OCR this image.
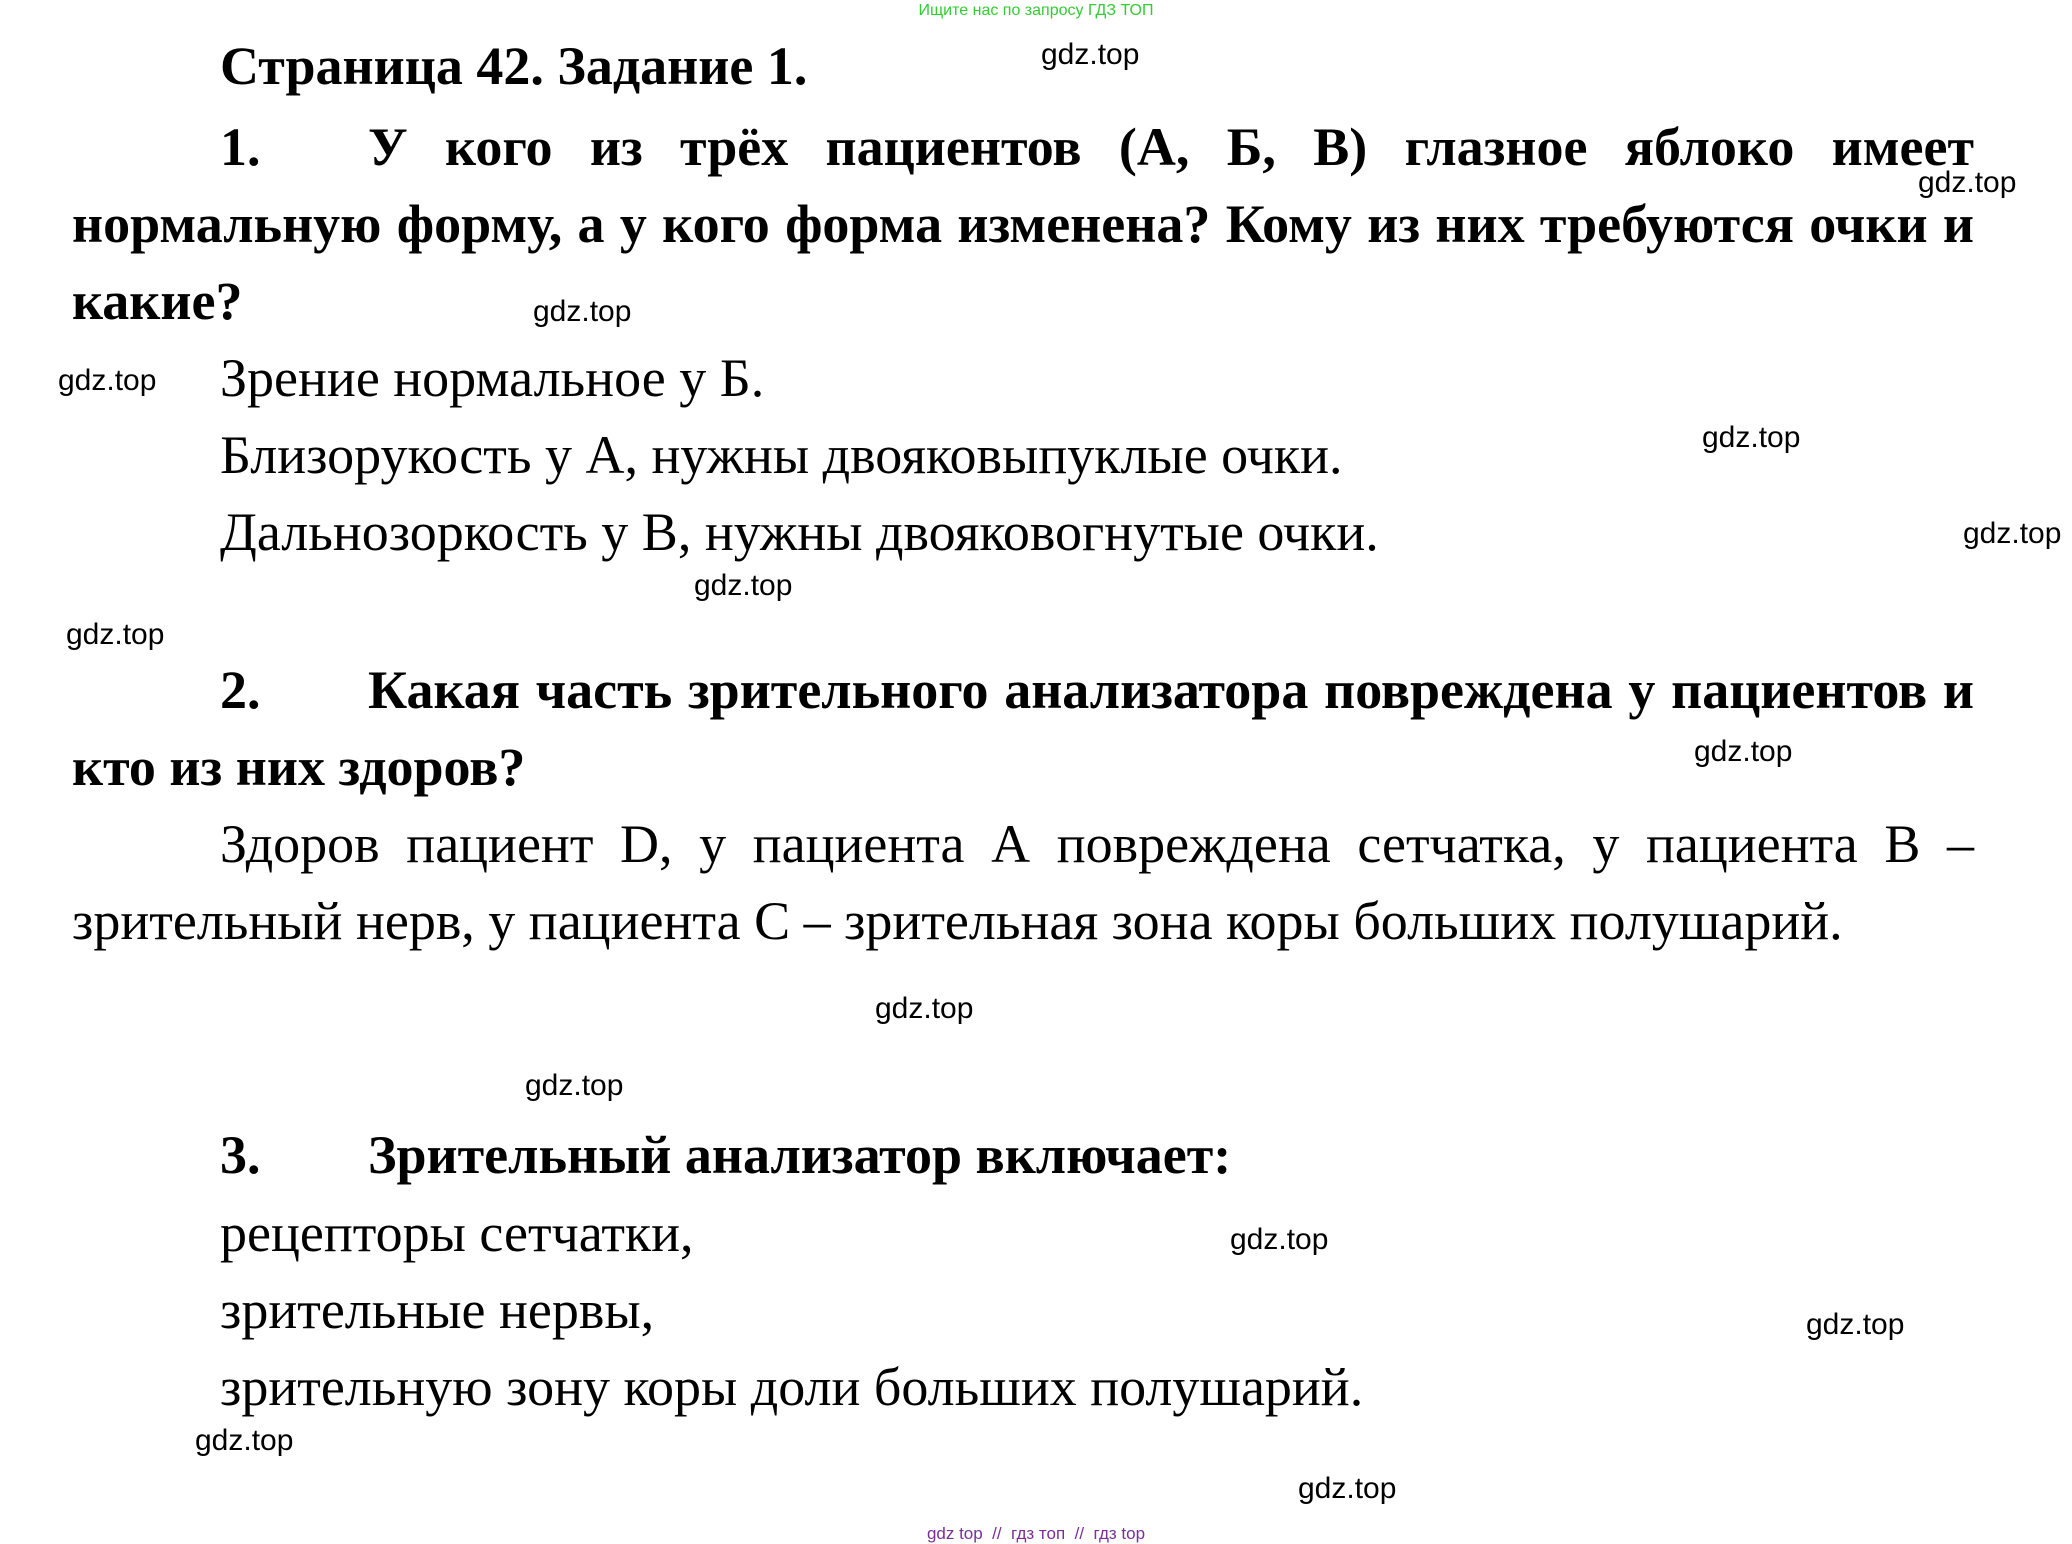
Ищите нас по запросу ГДЗ ТОП
Страница 42. Задание 1.
1. У кого из трёх пациентов (А, Б, В) глазное яблоко имеет нормальную форму, а у кого форма изменена? Кому из них требуются очки и какие?
Зрение нормальное у Б.
Близорукость у А, нужны двояковыпуклые очки.
Дальнозоркость у В, нужны двояковогнутые очки.
2. Какая часть зрительного анализатора повреждена у пациентов и кто из них здоров?
Здоров пациент D, у пациента А повреждена сетчатка, у пациента В – зрительный нерв, у пациента С – зрительная зона коры больших полушарий.
3. Зрительный анализатор включает:
рецепторы сетчатки,
зрительные нервы,
зрительную зону коры доли больших полушарий.
gdz.top
gdz.top
gdz.top
gdz.top
gdz.top
gdz.top
gdz.top
gdz.top
gdz.top
gdz.top
gdz.top
gdz.top
gdz.top
gdz.top
gdz.top
gdz top  //  гдз топ  //  гдз top
